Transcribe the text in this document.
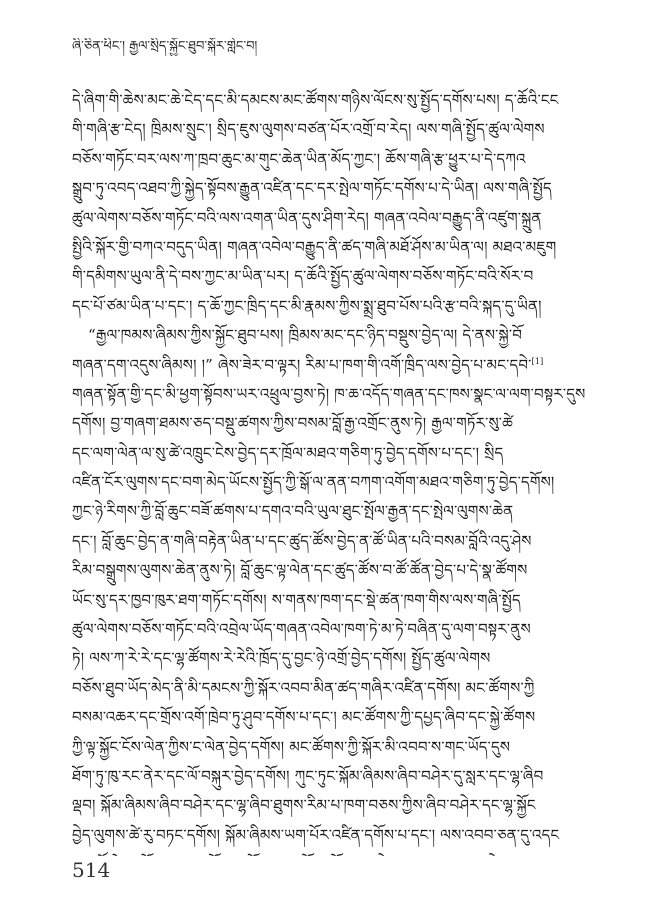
ཞི་ཅིན་ཕིང་། རྒྱལ་སྲིད་སྐྱོང་ཐུབ་སྐོར་གླེང་བ།
དེ་ཞིག་གི་ཆེས་མང་ཆེ་ངེད་དང་མི་དམངས་མང་ཚོགས་གཉིས་ལོངས་སུ་སྤྱོད་དགོས་པས། ད་ཆོའི་ངང
གི་གཞི་རྩ་ངེད། ཁྲིམས་སྲུང་། སྲིད་ཇུས་ལུགས་བཙན་པོར་འགྲོ་བ་རེད། ལས་གཞི་སྤྱོད་ཚུལ་ལེགས
བཅོས་གཏོང་བར་ལས་ཀ་ཁྲབ་ཆུང་མ་གུང་ཆེན་ཡིན་མོད་ཀྱང་། ཆོས་གཞི་རྩ་ཕྱུར་པ་དེ་དཀའ
སྒྲུབ་ཏུ་འབད་འཐབ་ཀྱི་སྐྱེད་སྟོབས་རྒྱུན་འཛིན་དང་དར་སྤེལ་གཏོང་དགོས་པ་དེ་ཡིན། ལས་གཞི་སྤྱོད
ཚུལ་ལེགས་བཅོས་གཏོང་བའི་ལས་འགན་ཡིན་དུས་ཤིག་རེད། གཞན་འབེལ་བརྒྱུད་ནི་འཛུག་སྐྲུན
སྤྱིའི་སྐོར་གྱི་བཀའ་བདུད་ཡིན། གཞན་འབེལ་བརྒྱུད་ནི་ཚད་གཞི་མཐོ་ཤོས་མ་ཡིན་ལ། མཐའ་མཇུག
གི་དམིགས་ཡུལ་ནི་དེ་བས་ཀྱང་མ་ཡིན་པར། ད་ཆོའི་སྤྱོད་ཚུལ་ལེགས་བཅོས་གཏོང་བའི་སོར་བ
དང་པོ་ཙམ་ཡིན་པ་དང་། ད་ཆོ་ཀྱང་ཁྲིད་དང་མི་རྣམས་ཀྱིས་སྨྲ་ཐུབ་པོས་པའི་རྩ་བའི་སྐད་དུ་ཡིན།
“རྒྱལ་ཁམས་ཞིམས་ཀྱིས་སྐྱོང་ཐུབ་པས། ཁྲིམས་མང་དང་ཉིད་བསྡུས་བྱེད་ལ། དེ་ནས་སྐྱེ་བོ
གཞན་དག་འདུས་ཞིམས། །” ཞེས་ཟེར་བ་ལྟར། རིམ་པ་ཁག་གི་འགོ་ཁྲིད་ལས་བྱེད་པ་མང་དབེ་[1]
གཞན་སྟོན་གྱི་དང་མི་ཕྱག་སྟོབས་ཡར་འཕྲུལ་བྱས་ཏེ། ཁ་ཆ་འདོད་གཞན་དང་ཁས་སྣང་ལ་ལག་བསྟར་དུས
དགོས། བྱ་གཞག་ཐམས་ཅད་བསྡུ་ཚགས་ཀྱིས་བསམ་བློ་རྒྱ་འགྲོང་ནུས་ཏེ། རྒྱལ་གཏོར་སུ་ཚེ
དང་ལག་ལེན་ལ་སུ་ཚེ་འཁྲུང་ངེས་བྱེད་དར་ཁྲོལ་མཐའ་གཅིག་ཏུ་བྱེད་དགོས་པ་དང་། སྲིད
འཛིན་ངོར་ལུགས་དང་བག་མེད་ཡོངས་སྤྱོད་ཀྱི་སྒོ་ལ་ནན་བཀག་འགོག་མཐའ་གཅིག་ཏུ་བྱེད་དགོས།
ཀྱང་ཉེ་རིགས་ཀྱི་བློ་ཆུང་བཟོ་ཚགས་པ་དགའ་བའི་ཡུལ་ཐུང་སྤོལ་རྒྱན་དང་སྤེལ་ལུགས་ཆེན
དང་། བློ་ཆུང་བྱེད་ན་གཞི་བརྟེན་ཡིན་པ་དང་ཚུད་ཚོས་བྱེད་ན་ཚོ་ཡིན་པའི་བསམ་བློའི་འདུ་ཤེས
རིམ་བསྒྲུགས་ལུགས་ཆེན་ནུས་ཏེ། བློ་ཆུང་ལྟ་ལེན་དང་ཚུད་ཚོས་བ་ཚོ་ཚོན་བྱེད་པ་དེ་སྣ་ཚོགས
ཡོང་སུ་དར་ཁྱབ་ཁུར་ཐག་གཏོང་དགོས། ས་གནས་ཁག་དང་སྡེ་ཚན་ཁག་གིས་ལས་གཞི་སྤྱོད
ཚུལ་ལེགས་བཅོས་གཏོང་བའི་འབྲེལ་ཡོད་གཞན་འབེལ་ཁག་ཏེ་མ་ཏེ་བཞིན་དུ་ལག་བསྟར་ནུས
ཏེ། ལས་ཀ་རེ་རེ་དང་ལྷ་ཚོགས་རེ་རེའི་ཁྲོད་དུ་བྱང་ཉེ་འགྲོ་བྱེད་དགོས། སྤྱོད་ཚུལ་ལེགས
བཅོས་ཐུབ་ཡོད་མེད་ནི་མི་དམངས་ཀྱི་སྐོར་འབབ་མིན་ཚད་གཞིར་འཛིན་དགོས། མང་ཚོགས་ཀྱི
བསམ་འཆར་དང་གྲོས་འགོ་ཁྲེབ་ཏུ་ཤུབ་དགོས་པ་དང་། མང་ཚོགས་ཀྱི་དཔྱད་ཞིབ་དང་སྐྱེ་ཚོགས
ཀྱི་ལྟ་སྐྱོང་ངོས་ལེན་ཀྱིས་ང་ལེན་བྱེད་དགོས། མང་ཚོགས་ཀྱི་སྐོར་མི་འབབ་ས་གང་ཡོད་དུས
ཐོག་ཏུ་ཁུ་རང་ནེར་དང་ལོ་བསྐུར་བྱེད་དགོས། ཀུང་ཏུང་སྐོམ་ཞིམས་ཞིབ་བཤེར་དུ་སླར་དང་ལྷ་ཞིབ
ལྡབ། སྐོམ་ཞིམས་ཞིབ་བཤེར་དང་ལྷ་ཞིབ་ཐུགས་རིམ་པ་ཁག་བཅས་ཀྱིས་ཞིབ་བཤེར་དང་ལྷ་སྐྱོང
བྱེད་ལུགས་ཚེ་རུ་བཏང་དགོས། སྐོམ་ཞིམས་ཡག་པོར་འཛིན་དགོས་པ་དང་། ལས་འབབ་ཅན་དུ་འདང
514
